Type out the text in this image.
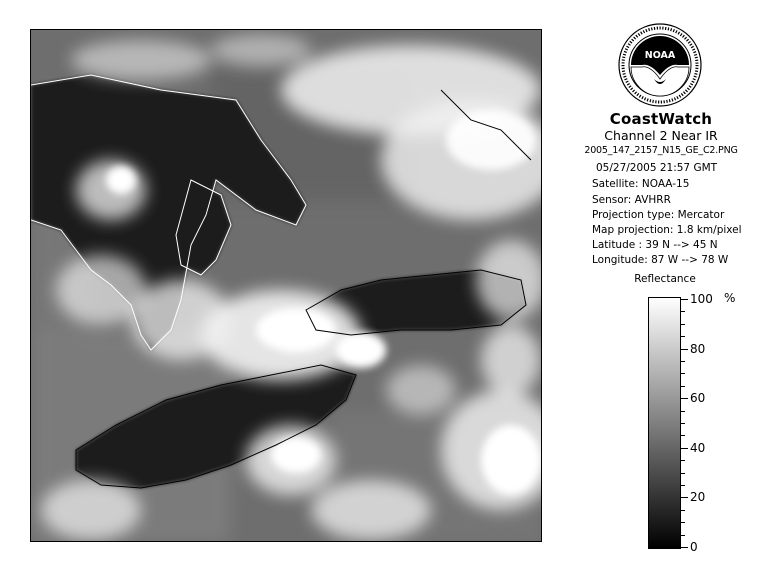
NOAA
CoastWatch
Channel 2 Near IR
2005_147_2157_N15_GE_C2.PNG
05/27/2005 21:57 GMT
Satellite: NOAA-15
Sensor: AVHRR
Projection type: Mercator
Map projection: 1.8 km/pixel
Latitude : 39 N --> 45 N
Longitude: 87 W --> 78 W
Reflectance
%
100
80
60
40
20
0
